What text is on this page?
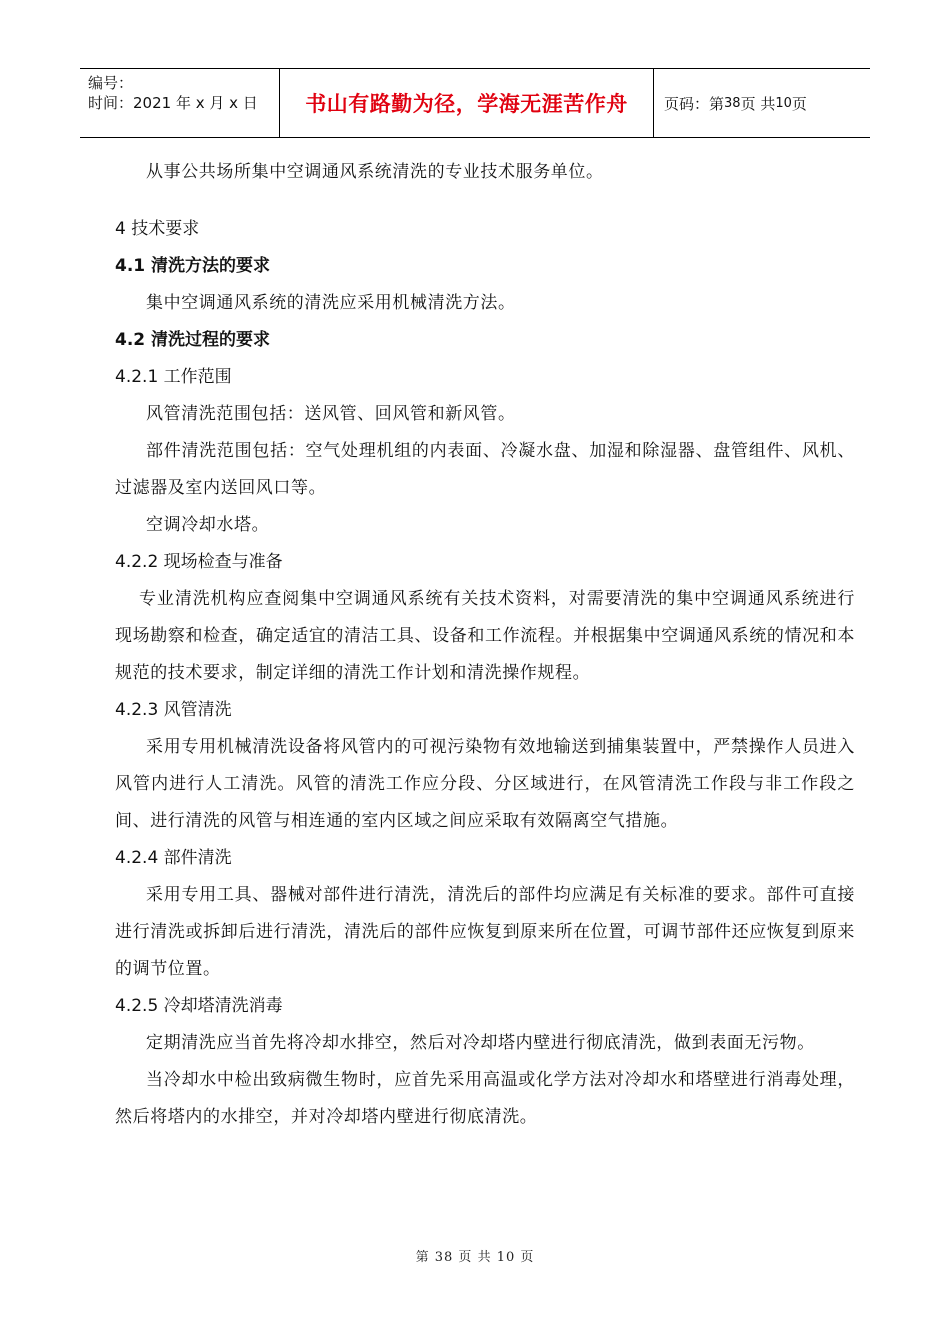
编号：
时间：2021 年 x 月 x 日	书山有路勤为径，学海无涯苦作舟	页码：第 38 页 共 10 页

从事公共场所集中空调通风系统清洗的专业技术服务单位。

4 技术要求

4.1 清洗方法的要求

集中空调通风系统的清洗应采用机械清洗方法。

4.2 清洗过程的要求

4.2.1 工作范围

风管清洗范围包括：送风管、回风管和新风管。

部件清洗范围包括：空气处理机组的内表面、冷凝水盘、加湿和除湿器、盘管组件、风机、过滤器及室内送回风口等。

空调冷却水塔。

4.2.2 现场检查与准备

专业清洗机构应查阅集中空调通风系统有关技术资料，对需要清洗的集中空调通风系统进行现场勘察和检查，确定适宜的清洁工具、设备和工作流程。并根据集中空调通风系统的情况和本规范的技术要求，制定详细的清洗工作计划和清洗操作规程。

4.2.3 风管清洗

采用专用机械清洗设备将风管内的可视污染物有效地输送到捕集装置中，严禁操作人员进入风管内进行人工清洗。风管的清洗工作应分段、分区域进行，在风管清洗工作段与非工作段之间、进行清洗的风管与相连通的室内区域之间应采取有效隔离空气措施。

4.2.4 部件清洗

采用专用工具、器械对部件进行清洗，清洗后的部件均应满足有关标准的要求。部件可直接进行清洗或拆卸后进行清洗，清洗后的部件应恢复到原来所在位置，可调节部件还应恢复到原来的调节位置。

4.2.5 冷却塔清洗消毒

定期清洗应当首先将冷却水排空，然后对冷却塔内壁进行彻底清洗，做到表面无污物。

当冷却水中检出致病微生物时，应首先采用高温或化学方法对冷却水和塔壁进行消毒处理，然后将塔内的水排空，并对冷却塔内壁进行彻底清洗。

第 38 页 共 10 页
